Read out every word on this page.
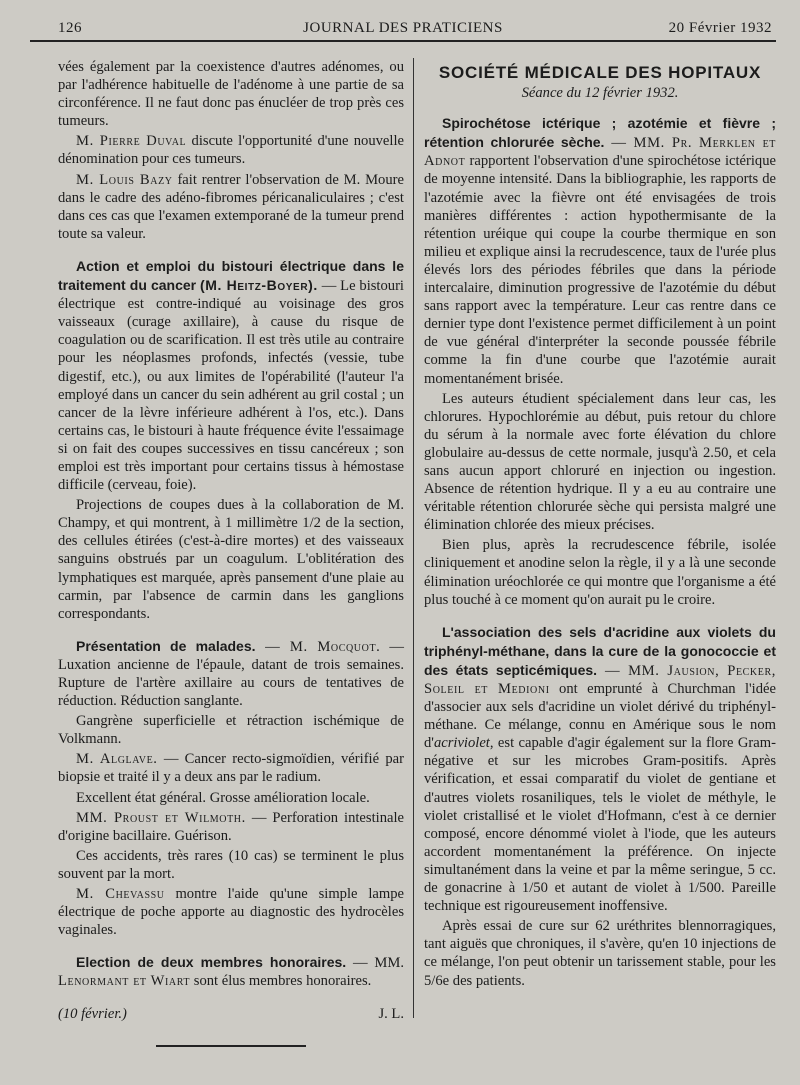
126	JOURNAL DES PRATICIENS	20 Février 1932

vées également par la coexistence d'autres adénomes, ou par l'adhérence habituelle de l'adénome à une partie de sa circonférence. Il ne faut donc pas énucléer de trop près ces tumeurs.

M. Pierre Duval discute l'opportunité d'une nouvelle dénomination pour ces tumeurs.

M. Louis Bazy fait rentrer l'observation de M. Moure dans le cadre des adéno-fibromes péricanaliculaires ; c'est dans ces cas que l'examen extemporané de la tumeur prend toute sa valeur.

Action et emploi du bistouri électrique dans le traitement du cancer (M. Heitz-Boyer). — Le bistouri électrique est contre-indiqué au voisinage des gros vaisseaux (curage axillaire), à cause du risque de coagulation ou de scarification. Il est très utile au contraire pour les néoplasmes profonds, infectés (vessie, tube digestif, etc.), ou aux limites de l'opérabilité (l'auteur l'a employé dans un cancer du sein adhérent au gril costal ; un cancer de la lèvre inférieure adhérent à l'os, etc.). Dans certains cas, le bistouri à haute fréquence évite l'essaimage si on fait des coupes successives en tissu cancéreux ; son emploi est très important pour certains tissus à hémostase difficile (cerveau, foie).

Projections de coupes dues à la collaboration de M. Champy, et qui montrent, à 1 millimètre 1/2 de la section, des cellules étirées (c'est-à-dire mortes) et des vaisseaux sanguins obstrués par un coagulum. L'oblitération des lymphatiques est marquée, après pansement d'une plaie au carmin, par l'absence de carmin dans les ganglions correspondants.

Présentation de malades. — M. Mocquot. — Luxation ancienne de l'épaule, datant de trois semaines. Rupture de l'artère axillaire au cours de tentatives de réduction. Réduction sanglante.

Gangrène superficielle et rétraction ischémique de Volkmann.

M. Alglave. — Cancer recto-sigmoïdien, vérifié par biopsie et traité il y a deux ans par le radium.

Excellent état général. Grosse amélioration locale.

MM. Proust et Wilmoth. — Perforation intestinale d'origine bacillaire. Guérison.

Ces accidents, très rares (10 cas) se terminent le plus souvent par la mort.

M. Chevassu montre l'aide qu'une simple lampe électrique de poche apporte au diagnostic des hydrocèles vaginales.

Election de deux membres honoraires. — MM. Lenormant et Wiart sont élus membres honoraires.

(10 février.)	J. L.
SOCIÉTÉ MÉDICALE DES HOPITAUX
Séance du 12 février 1932.

Spirochétose ictérique ; azotémie et fièvre ; rétention chlorurée sèche. — MM. Pr. Merklen et Adnot rapportent l'observation d'une spirochétose ictérique de moyenne intensité. Dans la bibliographie, les rapports de l'azotémie avec la fièvre ont été envisagées de trois manières différentes : action hypothermisante de la rétention uréique qui coupe la courbe thermique en son milieu et explique ainsi la recrudescence, taux de l'urée plus élevés lors des périodes fébriles que dans la période intercalaire, diminution progressive de l'azotémie du début sans rapport avec la température. Leur cas rentre dans ce dernier type dont l'existence permet difficilement à un point de vue général d'interpréter la seconde poussée fébrile comme la fin d'une courbe que l'azotémie aurait momentanément brisée.

Les auteurs étudient spécialement dans leur cas, les chlorures. Hypochlorémie au début, puis retour du chlore du sérum à la normale avec forte élévation du chlore globulaire au-dessus de cette normale, jusqu'à 2.50, et cela sans aucun apport chloruré en injection ou ingestion. Absence de rétention hydrique. Il y a eu au contraire une véritable rétention chlorurée sèche qui persista malgré une élimination chlorée des mieux précises.

Bien plus, après la recrudescence fébrile, isolée cliniquement et anodine selon la règle, il y a là une seconde élimination uréochlorée ce qui montre que l'organisme a été plus touché à ce moment qu'on aurait pu le croire.

L'association des sels d'acridine aux violets du triphényl-méthane, dans la cure de la gonococcie et des états septicémiques. — MM. Jausion, Pecker, Soleil et Medioni ont emprunté à Churchman l'idée d'associer aux sels d'acridine un violet dérivé du triphényl-méthane. Ce mélange, connu en Amérique sous le nom d'acriviolet, est capable d'agir également sur la flore Gram-négative et sur les microbes Gram-positifs. Après vérification, et essai comparatif du violet de gentiane et d'autres violets rosaniliques, tels le violet de méthyle, le violet cristallisé et le violet d'Hofmann, c'est à ce dernier composé, encore dénommé violet à l'iode, que les auteurs accordent momentanément la préférence. On injecte simultanément dans la veine et par la même seringue, 5 cc. de gonacrine à 1/50 et autant de violet à 1/500. Pareille technique est rigoureusement inoffensive.

Après essai de cure sur 62 uréthrites blennorragiques, tant aiguës que chroniques, il s'avère, qu'en 10 injections de ce mélange, l'on peut obtenir un tarissement stable, pour les 5/6e des patients.
